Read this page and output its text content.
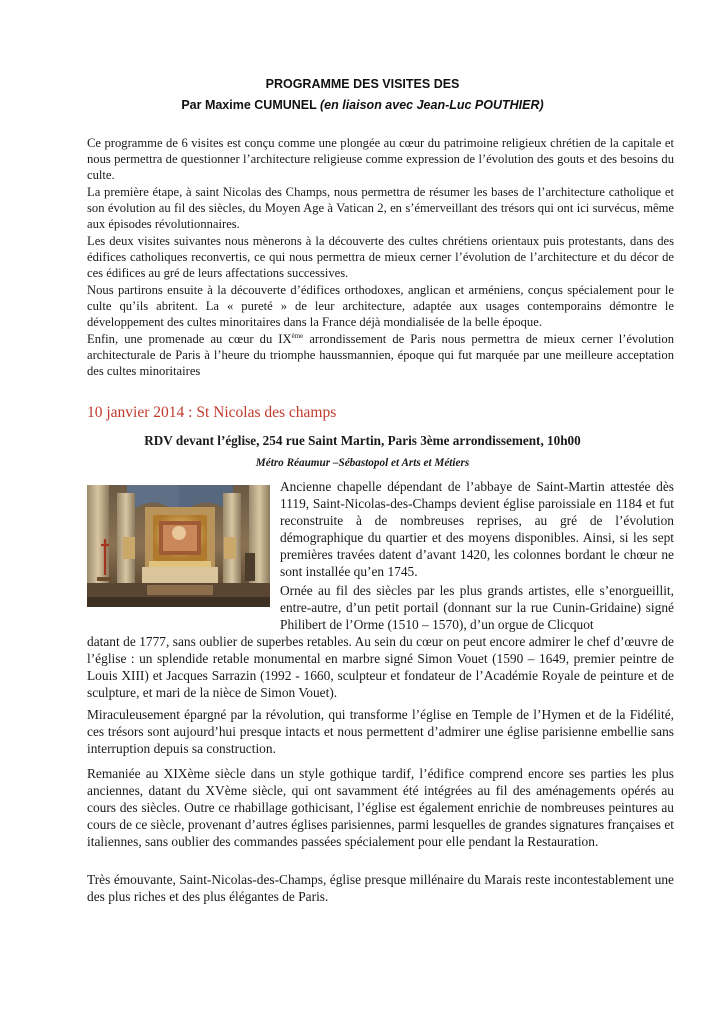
PROGRAMME DES VISITES DES
Par Maxime CUMUNEL (en liaison avec Jean-Luc POUTHIER)

Ce programme de 6 visites est conçu comme une plongée au cœur du patrimoine religieux chrétien de la capitale et nous permettra de questionner l’architecture religieuse comme expression de l’évolution des gouts et des besoins du culte.

La première étape, à saint Nicolas des Champs, nous permettra de résumer les bases de l’architecture catholique et son évolution au fil des siècles, du Moyen Age à Vatican 2, en s’émerveillant des trésors qui ont ici survécus, même aux épisodes révolutionnaires.

Les deux visites suivantes nous mènerons à la découverte des cultes chrétiens orientaux puis protestants, dans des édifices catholiques reconvertis, ce qui nous permettra de mieux cerner l’évolution de l’architecture et du décor de ces édifices au gré de leurs affectations successives.

Nous partirons ensuite à la découverte d’édifices orthodoxes, anglican et arméniens, conçus spécialement pour le culte qu’ils abritent. La « pureté » de leur architecture, adaptée aux usages contemporains démontre le développement des cultes minoritaires dans la France déjà mondialisée de la belle époque.

Enfin, une promenade au cœur du IXème arrondissement de Paris nous permettra de mieux cerner l’évolution architecturale de Paris à l’heure du triomphe haussmannien, époque qui fut marquée par une meilleure acceptation des cultes minoritaires

10 janvier 2014 : St Nicolas des champs
RDV devant l’église, 254 rue Saint Martin, Paris 3ème arrondissement, 10h00
Métro Réaumur –Sébastopol et Arts et Métiers

Ancienne chapelle dépendant de l’abbaye de Saint-Martin attestée dès 1119, Saint-Nicolas-des-Champs devient église paroissiale en 1184 et fut reconstruite à de nombreuses reprises, au gré de l’évolution démographique du quartier et des moyens disponibles. Ainsi, si les sept premières travées datent d’avant 1420, les colonnes bordant le chœur ne sont installée qu’en 1745.

Ornée au fil des siècles par les plus grands artistes, elle s’enorgueillit, entre-autre, d’un petit portail (donnant sur la rue Cunin-Gridaine) signé Philibert de l’Orme (1510 – 1570), d’un orgue de Clicquot
datant de 1777, sans oublier de superbes retables. Au sein du cœur on peut encore admirer le chef d’œuvre de l’église : un splendide retable monumental en marbre signé Simon Vouet (1590 – 1649, premier peintre de Louis XIII) et Jacques Sarrazin (1992 - 1660, sculpteur et fondateur de l’Académie Royale de peinture et de sculpture, et mari de la nièce de Simon Vouet).

Miraculeusement épargné par la révolution, qui transforme l’église en Temple de l’Hymen et de la Fidélité, ces trésors sont aujourd’hui presque intacts et nous permettent d’admirer une église parisienne embellie sans interruption depuis sa construction.

Remaniée au XIXème siècle dans un style gothique tardif, l’édifice comprend encore ses parties les plus anciennes, datant du XVème siècle, qui ont savamment été intégrées au fil des aménagements opérés au cours des siècles. Outre ce rhabillage gothicisant, l’église est également enrichie de nombreuses peintures au cours de ce siècle, provenant d’autres églises parisiennes, parmi lesquelles de grandes signatures françaises et italiennes, sans oublier des commandes passées spécialement pour elle pendant la Restauration.

Très émouvante, Saint-Nicolas-des-Champs, église presque millénaire du Marais reste incontestablement une des plus riches et des plus élégantes de Paris.
